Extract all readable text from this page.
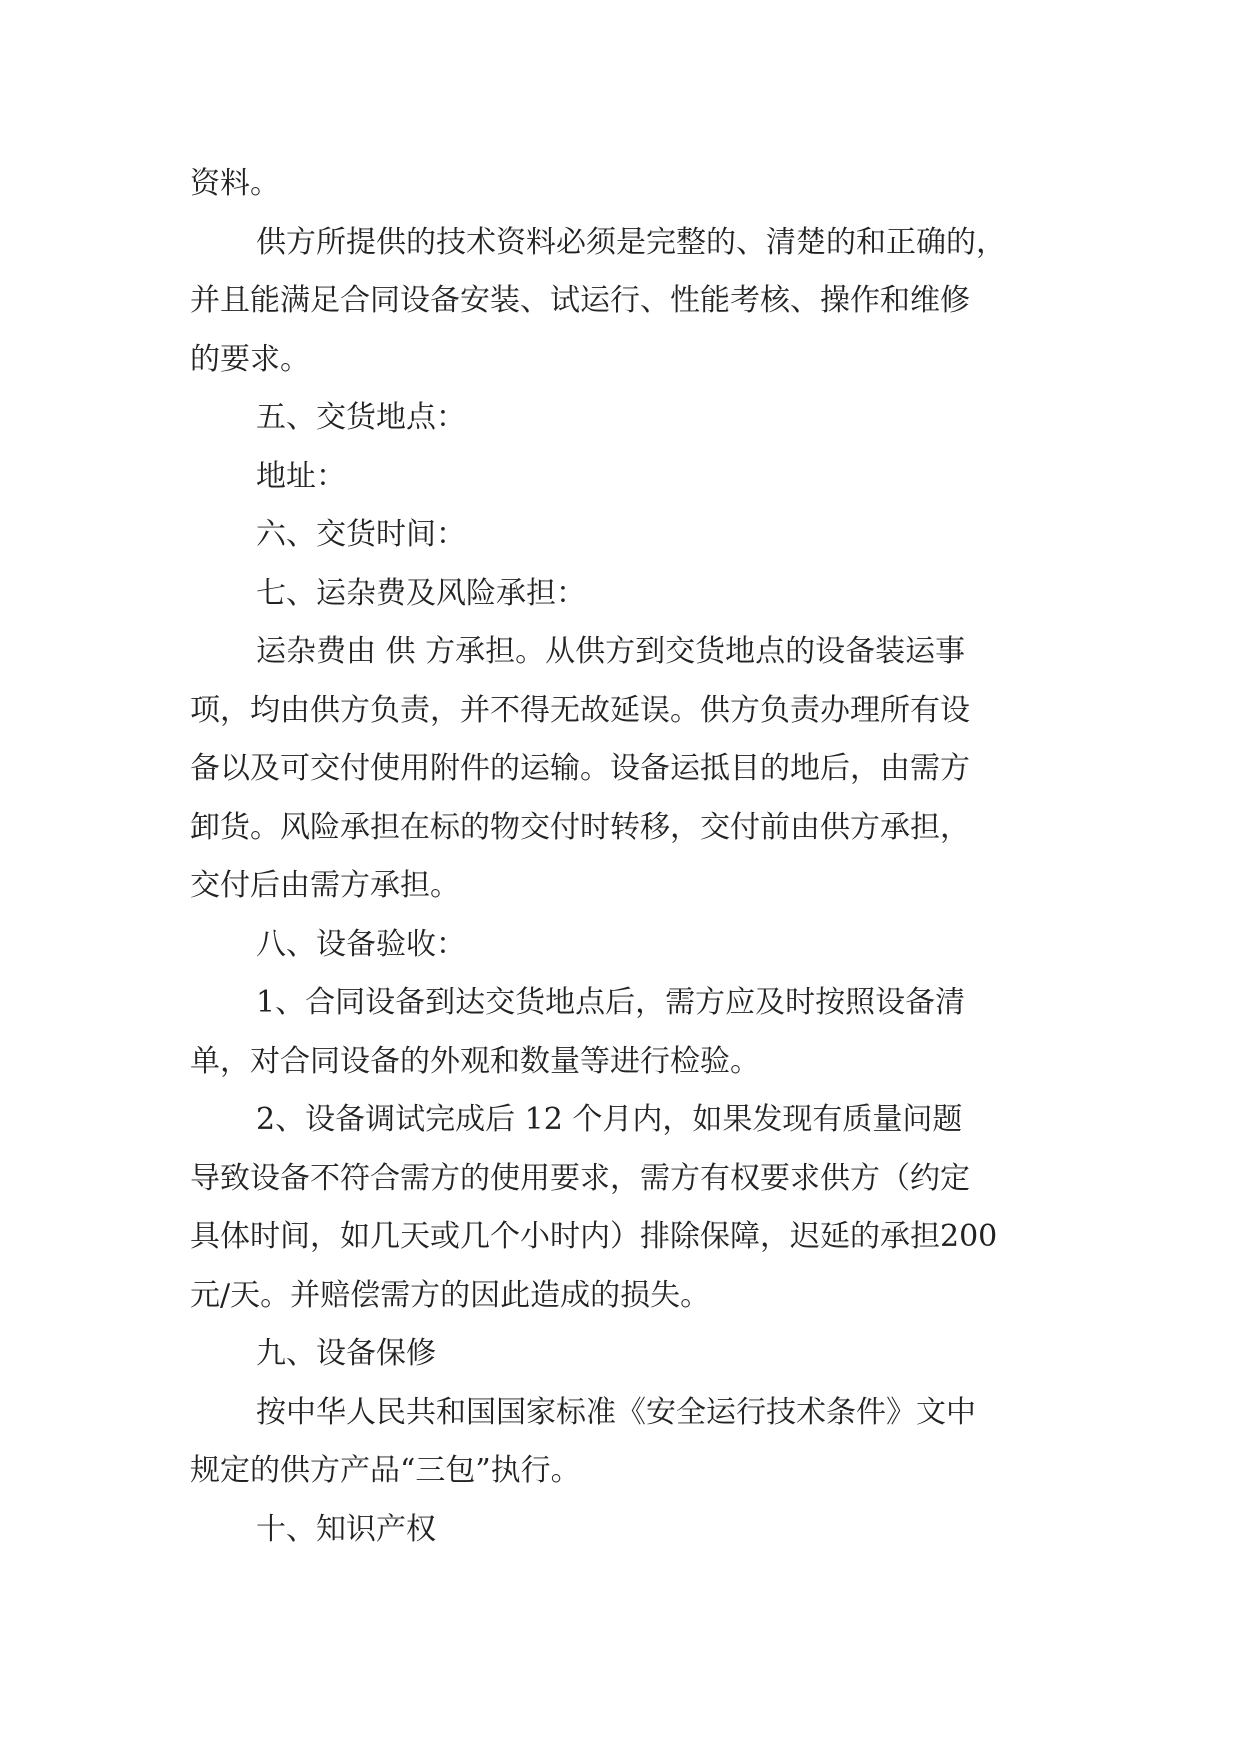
资料。

供方所提供的技术资料必须是完整的、清楚的和正确的，

并且能满足合同设备安装、试运行、性能考核、操作和维修

的要求。

五、交货地点：

地址：

六、交货时间：

七、运杂费及风险承担：

运杂费由 供 方承担。从供方到交货地点的设备装运事

项，均由供方负责，并不得无故延误。供方负责办理所有设

备以及可交付使用附件的运输。设备运抵目的地后，由需方

卸货。风险承担在标的物交付时转移，交付前由供方承担，

交付后由需方承担。

八、设备验收：

1、合同设备到达交货地点后，需方应及时按照设备清

单，对合同设备的外观和数量等进行检验。

2、设备调试完成后 12 个月内，如果发现有质量问题

导致设备不符合需方的使用要求，需方有权要求供方（约定

具体时间，如几天或几个小时内）排除保障，迟延的承担200

元/天。并赔偿需方的因此造成的损失。

九、设备保修

按中华人民共和国国家标准《安全运行技术条件》文中

规定的供方产品“三包”执行。

十、知识产权
